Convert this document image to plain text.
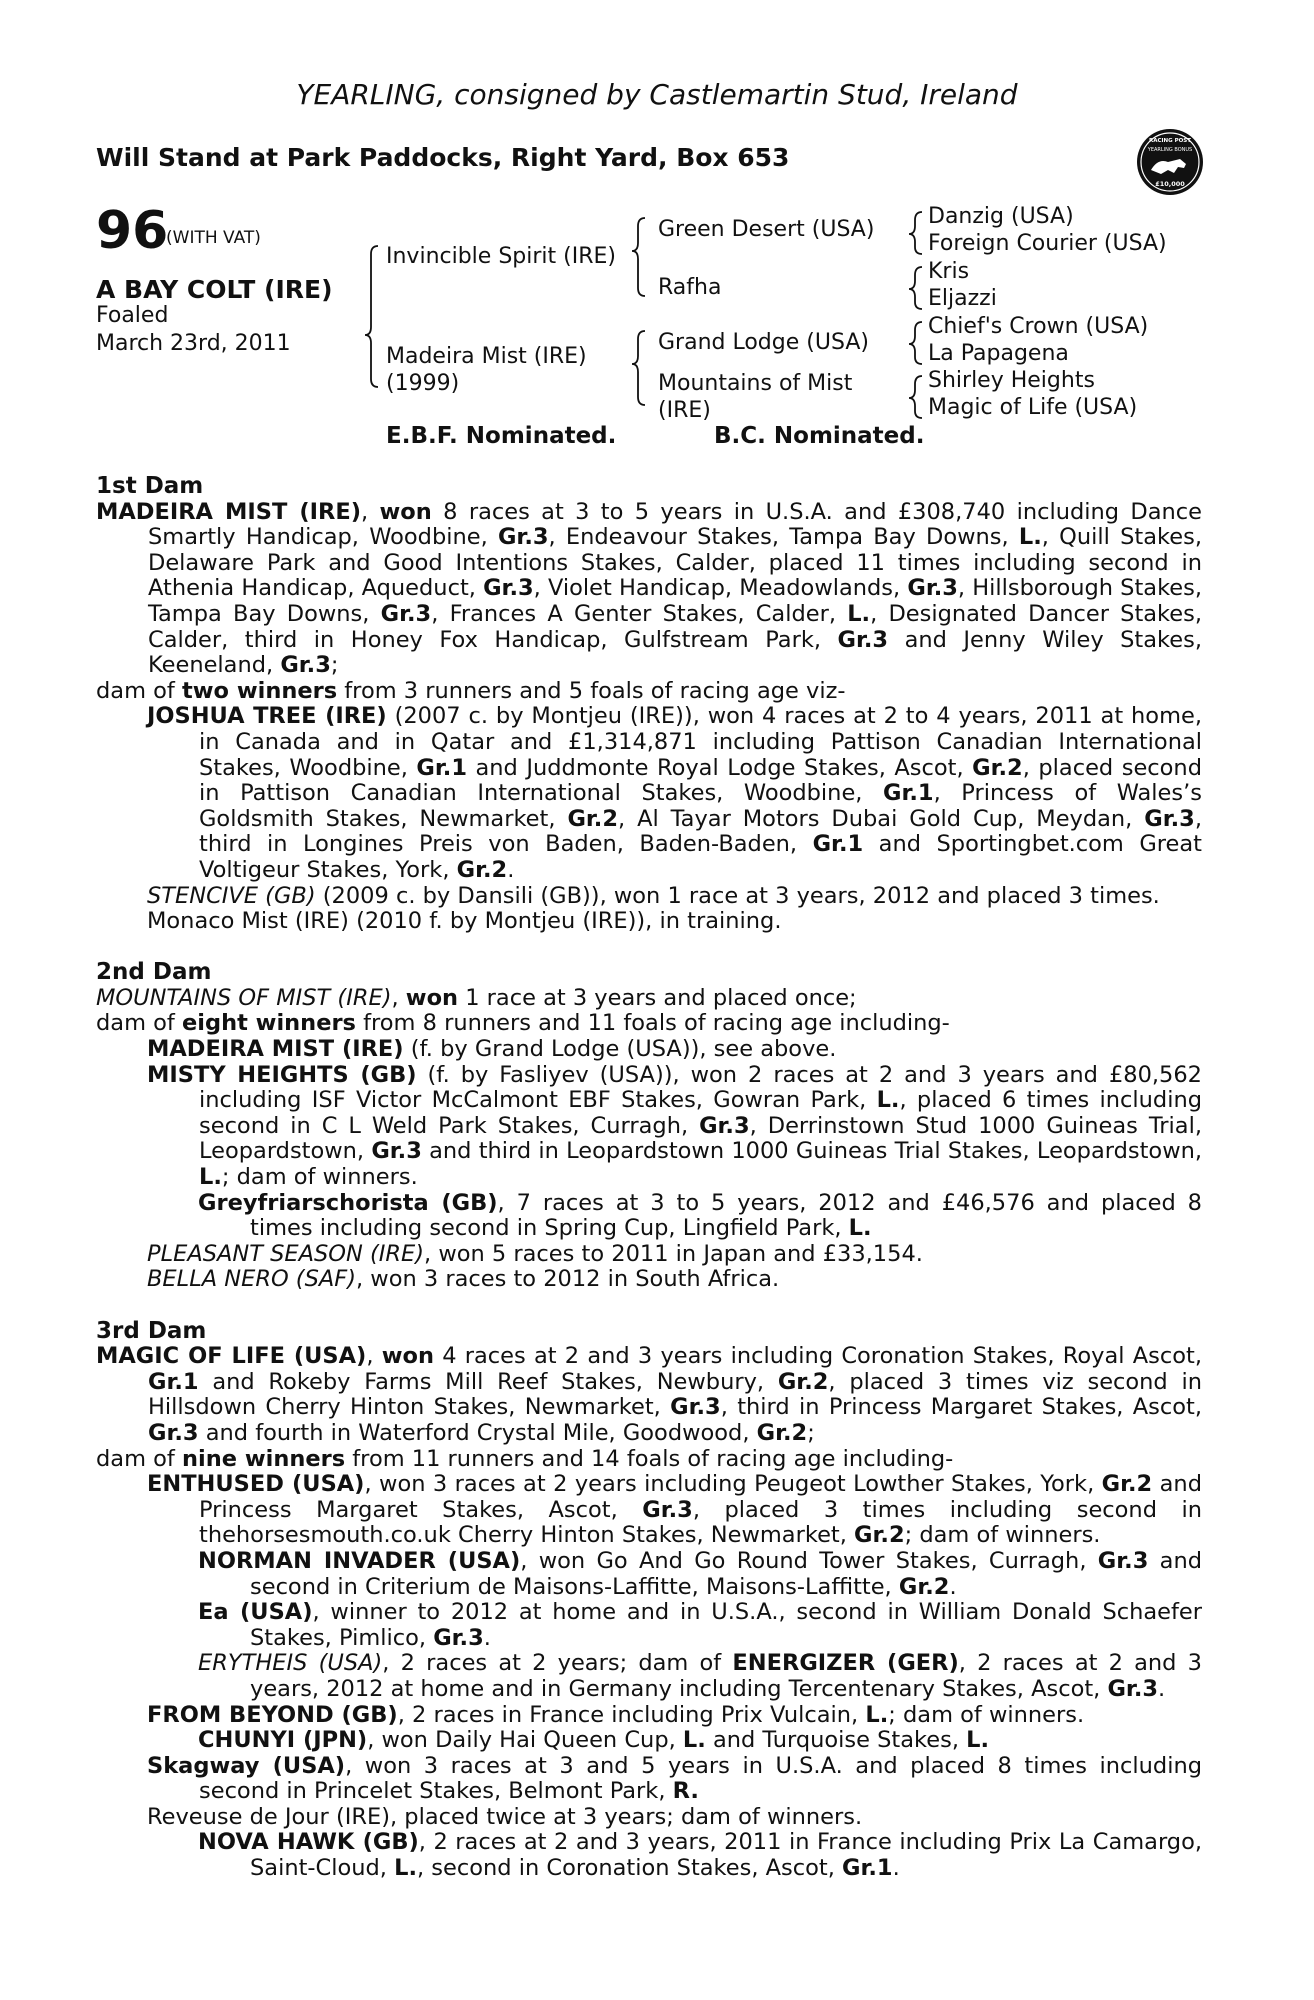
YEARLING, consigned by Castlemartin Stud, Ireland
Will Stand at Park Paddocks, Right Yard, Box 653
RACING POST
YEARLING BONUS
£10,000
96
(WITH VAT)
A BAY COLT (IRE)
Foaled
March 23rd, 2011
Invincible Spirit (IRE)
Madeira Mist (IRE)
(1999)
Green Desert (USA)
Rafha
Grand Lodge (USA)
Mountains of Mist
(IRE)
Danzig (USA)
Foreign Courier (USA)
Kris
Eljazzi
Chief's Crown (USA)
La Papagena
Shirley Heights
Magic of Life (USA)
E.B.F. Nominated.	B.C. Nominated.

1st Dam

MADEIRA MIST (IRE), won 8 races at 3 to 5 years in U.S.A. and £308,740 including Dance Smartly Handicap, Woodbine, Gr.3, Endeavour Stakes, Tampa Bay Downs, L., Quill Stakes, Delaware Park and Good Intentions Stakes, Calder, placed 11 times including second in Athenia Handicap, Aqueduct, Gr.3, Violet Handicap, Meadowlands, Gr.3, Hillsborough Stakes, Tampa Bay Downs, Gr.3, Frances A Genter Stakes, Calder, L., Designated Dancer Stakes, Calder, third in Honey Fox Handicap, Gulfstream Park, Gr.3 and Jenny Wiley Stakes, Keeneland, Gr.3;

dam of two winners from 3 runners and 5 foals of racing age viz-

JOSHUA TREE (IRE) (2007 c. by Montjeu (IRE)), won 4 races at 2 to 4 years, 2011 at home, in Canada and in Qatar and £1,314,871 including Pattison Canadian International Stakes, Woodbine, Gr.1 and Juddmonte Royal Lodge Stakes, Ascot, Gr.2, placed second in Pattison Canadian International Stakes, Woodbine, Gr.1, Princess of Wales’s Goldsmith Stakes, Newmarket, Gr.2, Al Tayar Motors Dubai Gold Cup, Meydan, Gr.3, third in Longines Preis von Baden, Baden-Baden, Gr.1 and Sportingbet.com Great Voltigeur Stakes, York, Gr.2.

STENCIVE (GB) (2009 c. by Dansili (GB)), won 1 race at 3 years, 2012 and placed 3 times.

Monaco Mist (IRE) (2010 f. by Montjeu (IRE)), in training.

2nd Dam

MOUNTAINS OF MIST (IRE), won 1 race at 3 years and placed once;

dam of eight winners from 8 runners and 11 foals of racing age including-

MADEIRA MIST (IRE) (f. by Grand Lodge (USA)), see above.

MISTY HEIGHTS (GB) (f. by Fasliyev (USA)), won 2 races at 2 and 3 years and £80,562 including ISF Victor McCalmont EBF Stakes, Gowran Park, L., placed 6 times including second in C L Weld Park Stakes, Curragh, Gr.3, Derrinstown Stud 1000 Guineas Trial, Leopardstown, Gr.3 and third in Leopardstown 1000 Guineas Trial Stakes, Leopardstown, L.; dam of winners.

Greyfriarschorista (GB), 7 races at 3 to 5 years, 2012 and £46,576 and placed 8 times including second in Spring Cup, Lingfield Park, L.

PLEASANT SEASON (IRE), won 5 races to 2011 in Japan and £33,154.

BELLA NERO (SAF), won 3 races to 2012 in South Africa.

3rd Dam

MAGIC OF LIFE (USA), won 4 races at 2 and 3 years including Coronation Stakes, Royal Ascot, Gr.1 and Rokeby Farms Mill Reef Stakes, Newbury, Gr.2, placed 3 times viz second in Hillsdown Cherry Hinton Stakes, Newmarket, Gr.3, third in Princess Margaret Stakes, Ascot, Gr.3 and fourth in Waterford Crystal Mile, Goodwood, Gr.2;

dam of nine winners from 11 runners and 14 foals of racing age including-

ENTHUSED (USA), won 3 races at 2 years including Peugeot Lowther Stakes, York, Gr.2 and Princess Margaret Stakes, Ascot, Gr.3, placed 3 times including second in thehorsesmouth.co.uk Cherry Hinton Stakes, Newmarket, Gr.2; dam of winners.

NORMAN INVADER (USA), won Go And Go Round Tower Stakes, Curragh, Gr.3 and second in Criterium de Maisons-Laffitte, Maisons-Laffitte, Gr.2.

Ea (USA), winner to 2012 at home and in U.S.A., second in William Donald Schaefer Stakes, Pimlico, Gr.3.

ERYTHEIS (USA), 2 races at 2 years; dam of ENERGIZER (GER), 2 races at 2 and 3 years, 2012 at home and in Germany including Tercentenary Stakes, Ascot, Gr.3.

FROM BEYOND (GB), 2 races in France including Prix Vulcain, L.; dam of winners.

CHUNYI (JPN), won Daily Hai Queen Cup, L. and Turquoise Stakes, L.

Skagway (USA), won 3 races at 3 and 5 years in U.S.A. and placed 8 times including second in Princelet Stakes, Belmont Park, R.

Reveuse de Jour (IRE), placed twice at 3 years; dam of winners.

NOVA HAWK (GB), 2 races at 2 and 3 years, 2011 in France including Prix La Camargo, Saint-Cloud, L., second in Coronation Stakes, Ascot, Gr.1.
